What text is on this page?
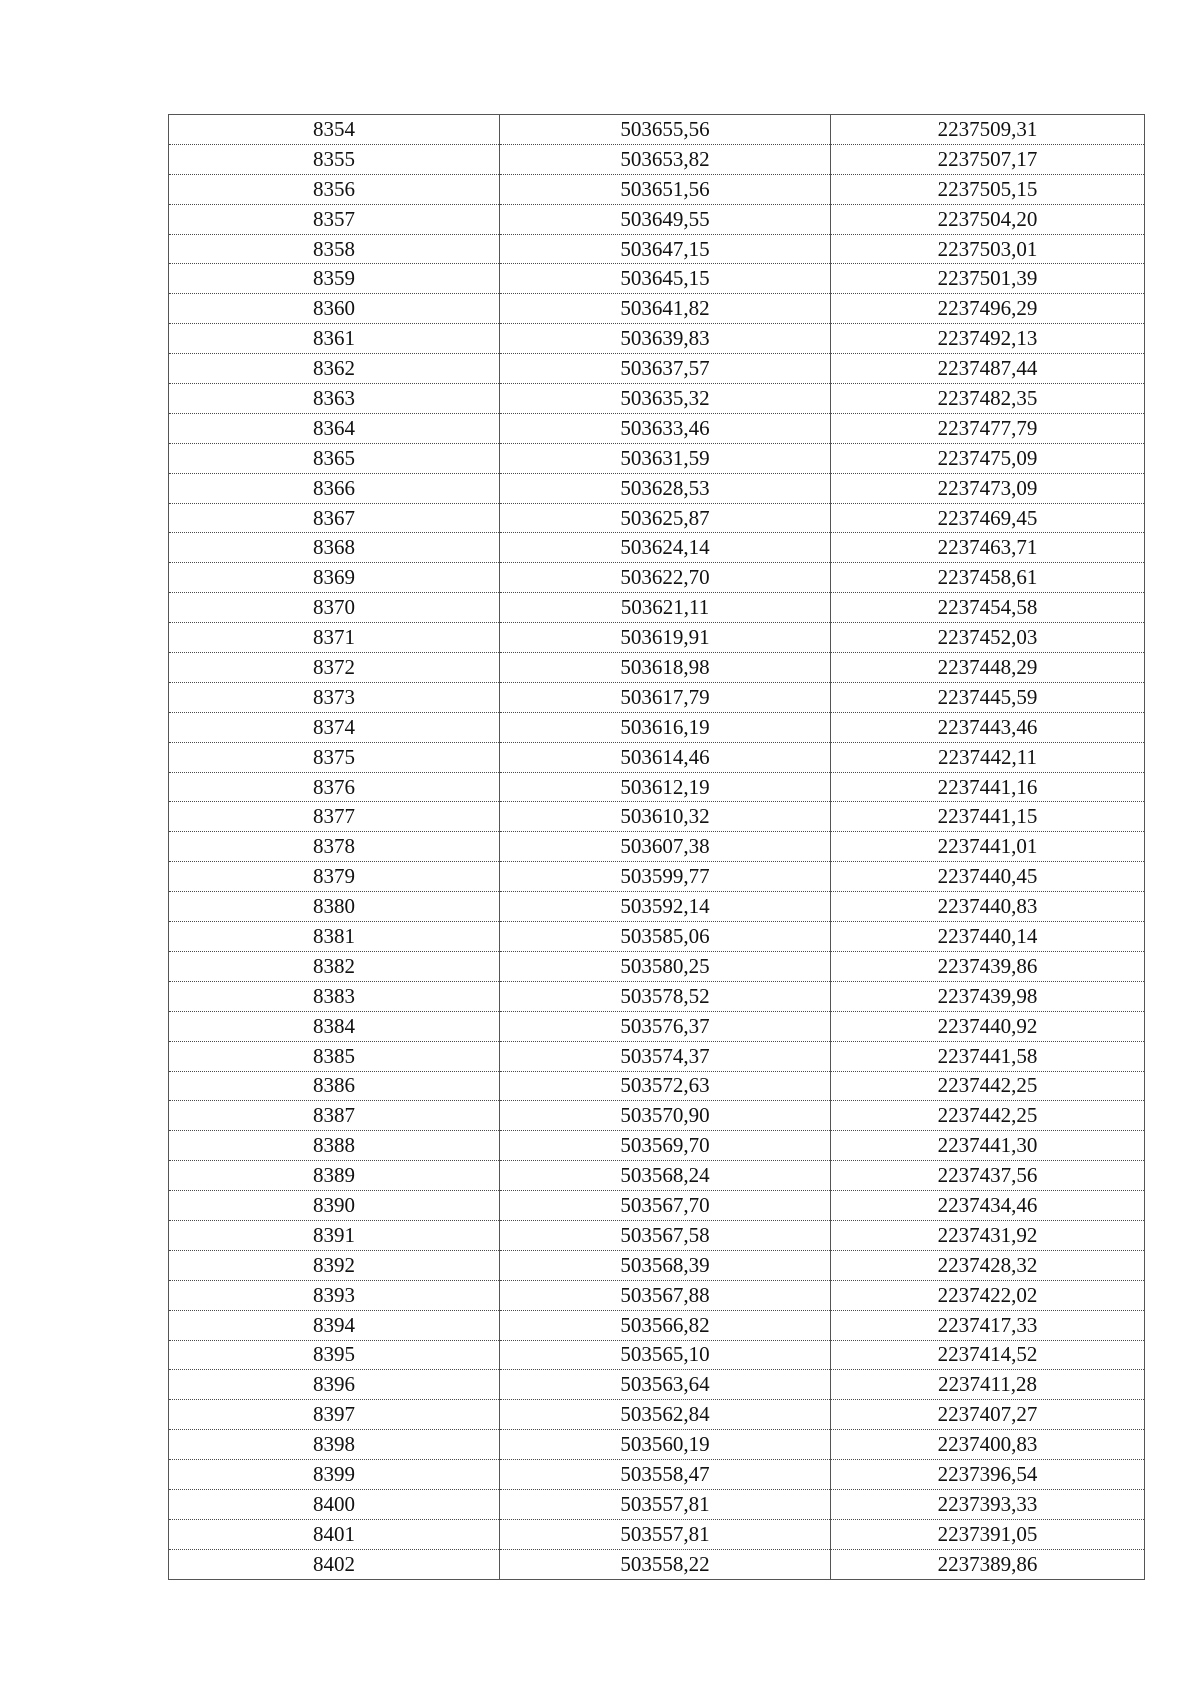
8354	503655,56	2237509,31
8355	503653,82	2237507,17
8356	503651,56	2237505,15
8357	503649,55	2237504,20
8358	503647,15	2237503,01
8359	503645,15	2237501,39
8360	503641,82	2237496,29
8361	503639,83	2237492,13
8362	503637,57	2237487,44
8363	503635,32	2237482,35
8364	503633,46	2237477,79
8365	503631,59	2237475,09
8366	503628,53	2237473,09
8367	503625,87	2237469,45
8368	503624,14	2237463,71
8369	503622,70	2237458,61
8370	503621,11	2237454,58
8371	503619,91	2237452,03
8372	503618,98	2237448,29
8373	503617,79	2237445,59
8374	503616,19	2237443,46
8375	503614,46	2237442,11
8376	503612,19	2237441,16
8377	503610,32	2237441,15
8378	503607,38	2237441,01
8379	503599,77	2237440,45
8380	503592,14	2237440,83
8381	503585,06	2237440,14
8382	503580,25	2237439,86
8383	503578,52	2237439,98
8384	503576,37	2237440,92
8385	503574,37	2237441,58
8386	503572,63	2237442,25
8387	503570,90	2237442,25
8388	503569,70	2237441,30
8389	503568,24	2237437,56
8390	503567,70	2237434,46
8391	503567,58	2237431,92
8392	503568,39	2237428,32
8393	503567,88	2237422,02
8394	503566,82	2237417,33
8395	503565,10	2237414,52
8396	503563,64	2237411,28
8397	503562,84	2237407,27
8398	503560,19	2237400,83
8399	503558,47	2237396,54
8400	503557,81	2237393,33
8401	503557,81	2237391,05
8402	503558,22	2237389,86
